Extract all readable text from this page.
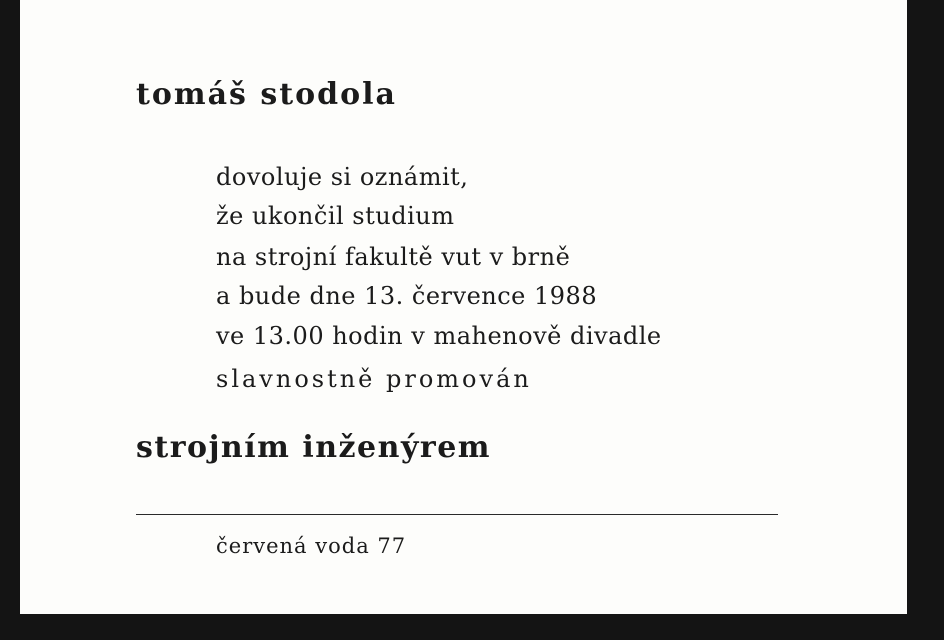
tomáš stodola

dovoluje si oznámit,

že ukončil studium

na strojní fakultě vut v brně

a bude dne 13. července 1988

ve 13.00 hodin v mahenově divadle

slavnostně promován

strojním inženýrem

červená voda 77
